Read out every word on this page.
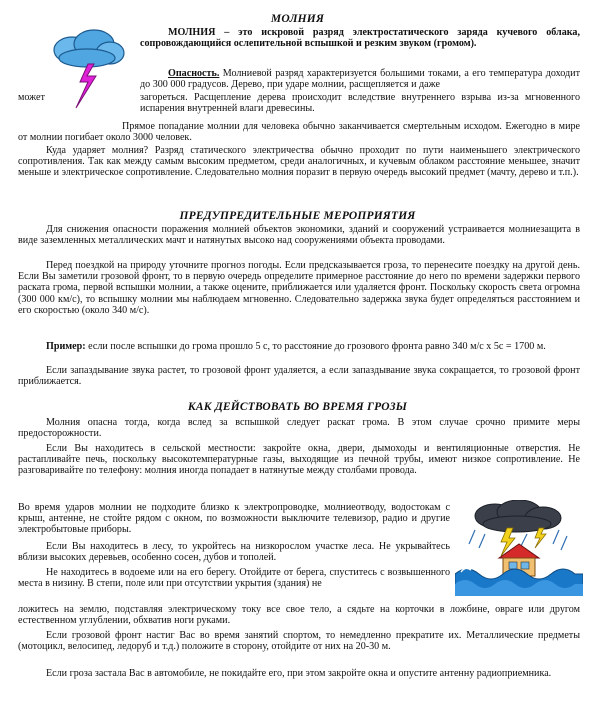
МОЛНИЯ

МОЛНИЯ – это искровой разряд электростатического заряда кучевого облака, сопровождающийся ослепительной вспышкой и резким звуком (громом).

Опасность. Молниевой разряд характеризуется большими токами, а его температура доходит до 300 000 градусов. Дерево, при ударе молнии, расщепляется и даже

может	загореться. Расщепление дерева происходит вследствие внутреннего взрыва из-за мгновенного испарения внутренней влаги древесины.

Прямое попадание молнии для человека обычно заканчивается смертельным исходом. Ежегодно в мире от молнии погибает около 3000 человек.

Куда ударяет молния? Разряд статического электричества обычно проходит по пути наименьшего электрического сопротивления. Так как между самым высоким предметом, среди аналогичных, и кучевым облаком расстояние меньшее, значит меньше и электрическое сопротивление. Следовательно молния поразит в первую очередь высокий предмет (мачту, дерево и т.п.).

ПРЕДУПРЕДИТЕЛЬНЫЕ МЕРОПРИЯТИЯ

Для снижения опасности поражения молнией объектов экономики, зданий и сооружений устраивается молниезащита в виде заземленных металлических мачт и натянутых высоко над сооружениями объекта проводами.

Перед поездкой на природу уточните прогноз погоды. Если предсказывается гроза, то перенесите поездку на другой день. Если Вы заметили грозовой фронт, то в первую очередь определите примерное расстояние до него по времени задержки первого раската грома, первой вспышки молнии, а также оцените, приближается или удаляется фронт. Поскольку скорость света огромна (300 000 км/с), то вспышку молнии мы наблюдаем мгновенно. Следовательно задержка звука будет определяться расстоянием и его скоростью (около 340 м/с).

Пример: если после вспышки до грома прошло 5 с, то расстояние до грозового фронта равно 340 м/с х 5с = 1700 м.

Если запаздывание звука растет, то грозовой фронт удаляется, а если запаздывание звука сокращается, то грозовой фронт приближается.

КАК ДЕЙСТВОВАТЬ ВО ВРЕМЯ ГРОЗЫ

Молния опасна тогда, когда вслед за вспышкой следует раскат грома. В этом случае срочно примите меры предосторожности.

Если Вы находитесь в сельской местности: закройте окна, двери, дымоходы и вентиляционные отверстия. Не растапливайте печь, поскольку высокотемпературные газы, выходящие из печной трубы, имеют низкое сопротивление. Не разговаривайте по телефону: молния иногда попадает в натянутые между столбами провода.

Во время ударов молнии не подходите близко к электропроводке, молниеотводу, водостокам с крыш, антенне, не стойте рядом с окном, по возможности выключите телевизор, радио и другие электробытовые приборы.

Если Вы находитесь в лесу, то укройтесь на низкорослом участке леса. Не укрывайтесь вблизи высоких деревьев, особенно сосен, дубов и тополей.

Не находитесь в водоеме или на его берегу. Отойдите от берега, спуститесь с возвышенного места в низину. В степи, поле или при отсутствии укрытия (здания) не

ложитесь на землю, подставляя электрическому току все свое тело, а сядьте на корточки в ложбине, овраге или другом естественном углублении, обхватив ноги руками.

Если грозовой фронт настиг Вас во время занятий спортом, то немедленно прекратите их. Металлические предметы (мотоцикл, велосипед, ледоруб и т.д.) положите в сторону, отойдите от них на 20-30 м.

Если гроза застала Вас в автомобиле, не покидайте его, при этом закройте окна и опустите антенну радиоприемника.
